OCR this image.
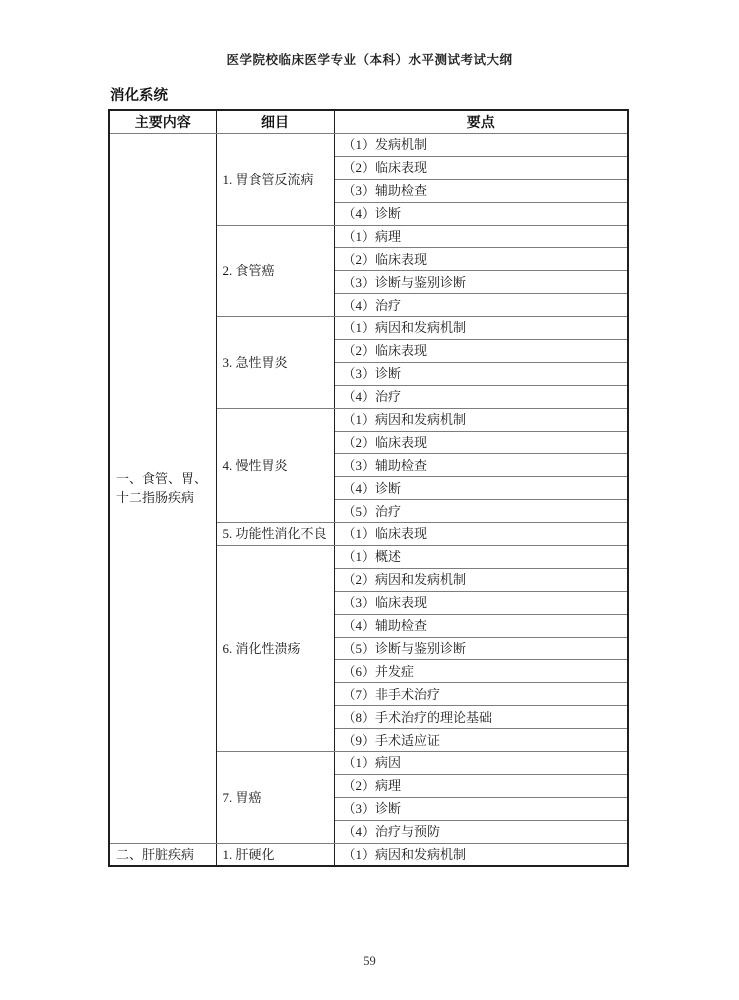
医学院校临床医学专业（本科）水平测试考试大纲
消化系统
主要内容	细目	要点
一、食管、胃、十二指肠疾病	1. 胃食管反流病	（1）发病机制
		（2）临床表现
		（3）辅助检查
		（4）诊断
	2. 食管癌	（1）病理
		（2）临床表现
		（3）诊断与鉴别诊断
		（4）治疗
	3. 急性胃炎	（1）病因和发病机制
		（2）临床表现
		（3）诊断
		（4）治疗
	4. 慢性胃炎	（1）病因和发病机制
		（2）临床表现
		（3）辅助检查
		（4）诊断
		（5）治疗
	5. 功能性消化不良	（1）临床表现
	6. 消化性溃疡	（1）概述
		（2）病因和发病机制
		（3）临床表现
		（4）辅助检查
		（5）诊断与鉴别诊断
		（6）并发症
		（7）非手术治疗
		（8）手术治疗的理论基础
		（9）手术适应证
	7. 胃癌	（1）病因
		（2）病理
		（3）诊断
		（4）治疗与预防
二、肝脏疾病	1. 肝硬化	（1）病因和发病机制
59
